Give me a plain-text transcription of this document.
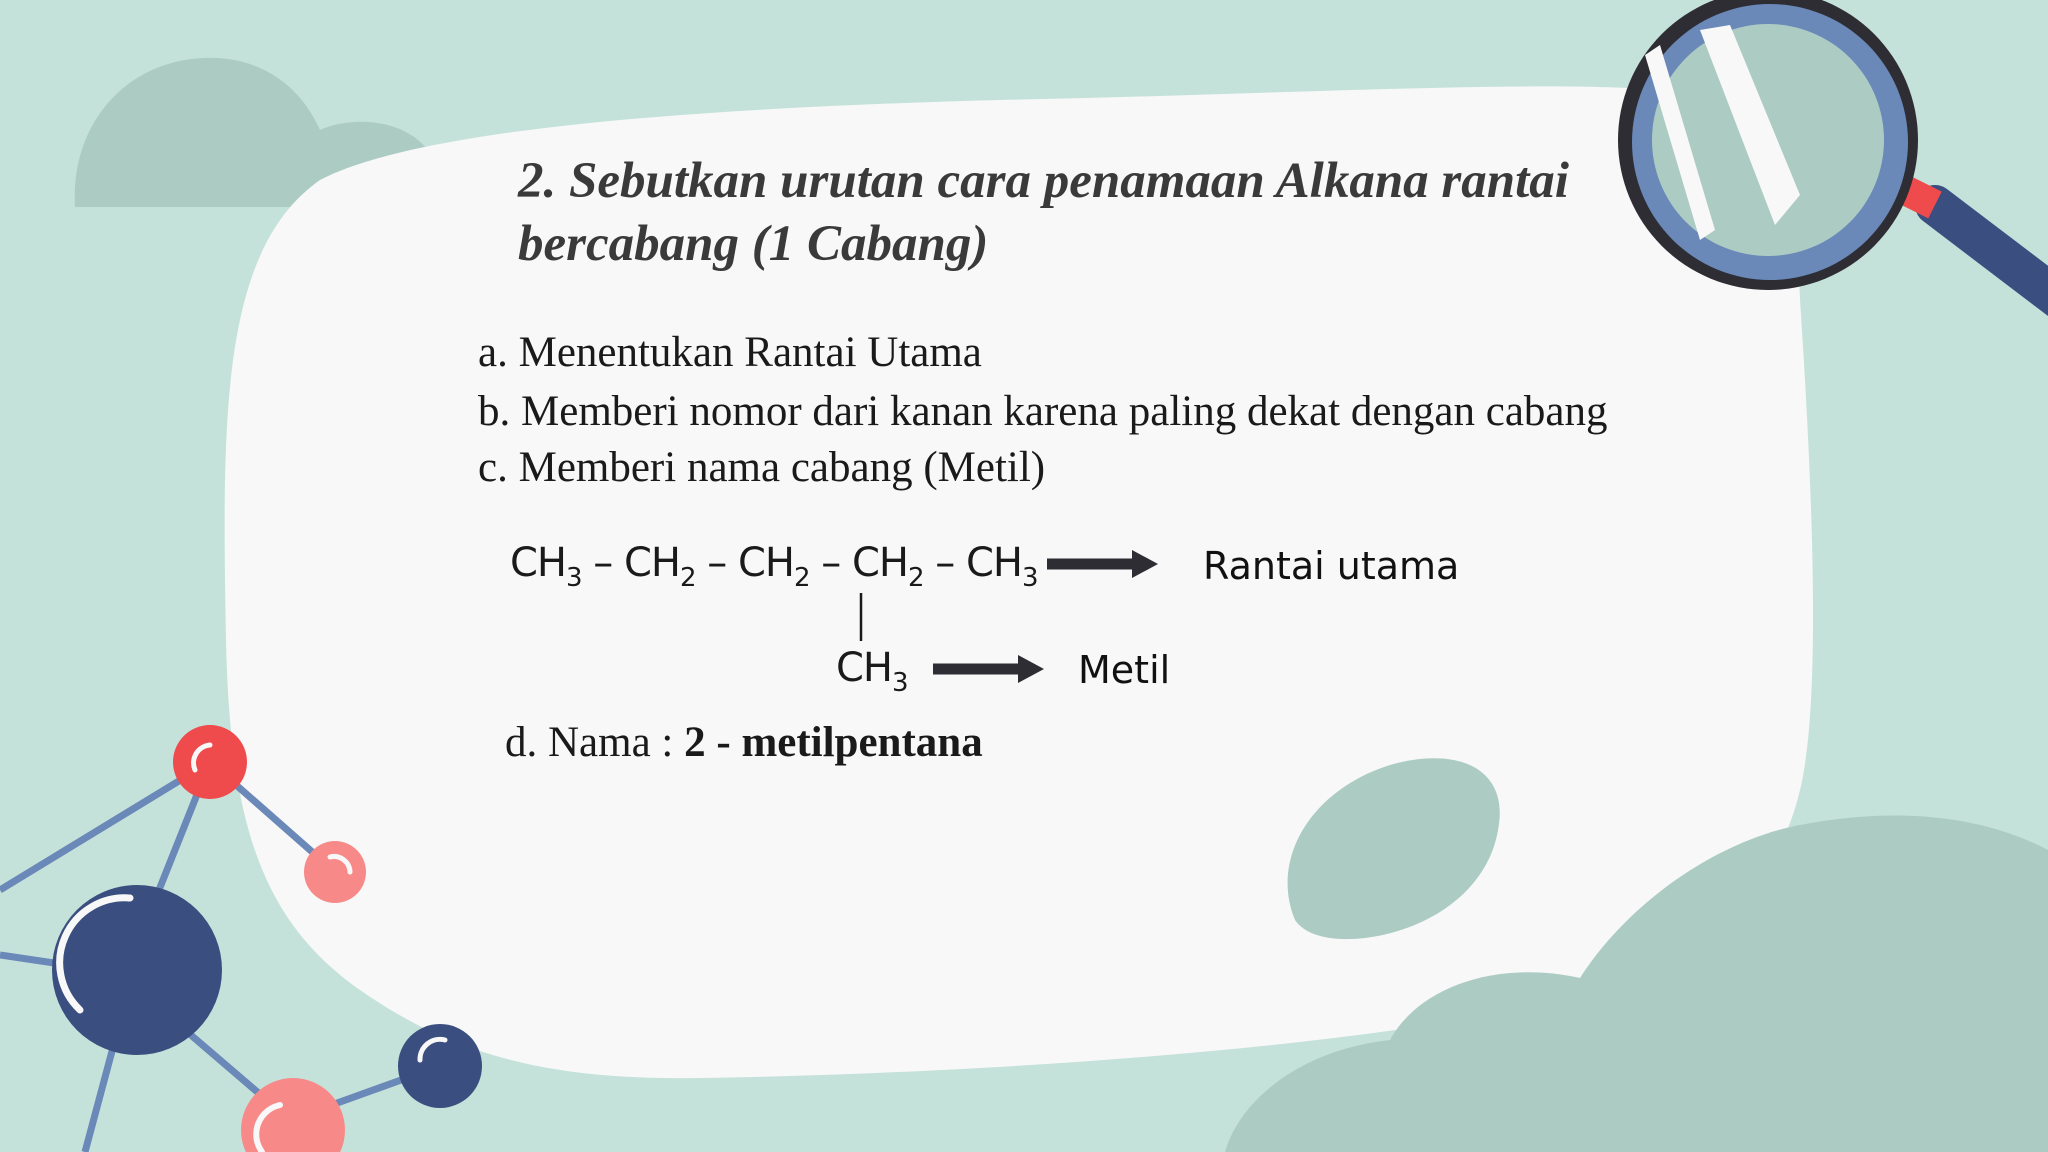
2. Sebutkan urutan cara penamaan Alkana rantai
bercabang (1 Cabang)
a. Menentukan Rantai Utama
b. Memberi nomor dari kanan karena paling dekat dengan cabang
c. Memberi nama cabang (Metil)
$CH_3 - CH_2 - CH_2 - CH_2 - CH_3$	Rantai utama
$CH_3$	Metil
d. Nama : 2 - metilpentana
